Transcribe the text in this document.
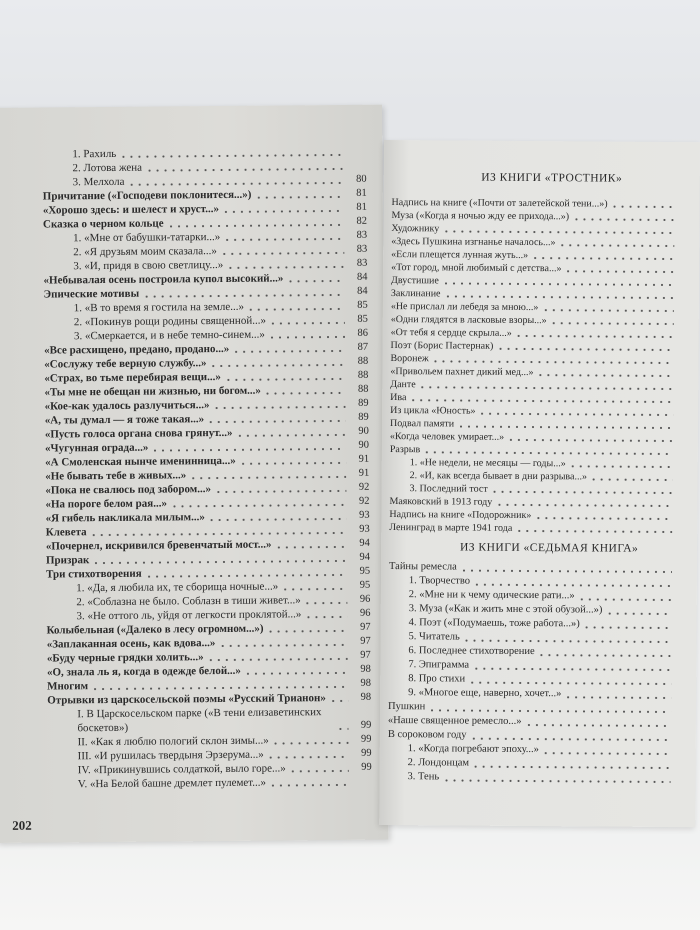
1. Рахиль
2. Лотова жена
3. Мелхола	80
Причитание («Господеви поклонитеся...»)	81
«Хорошо здесь: и шелест и хруст...»	81
Сказка о черном кольце	82
1. «Мне от бабушки-татарки...»	83
2. «Я друзьям моим сказала...»	83
3. «И, придя в свою светлицу...»	83
«Небывалая осень построила купол высокий...»	84
Эпические мотивы	84
1. «В то время я гостила на земле...»	85
2. «Покинув рощи родины священной...»	85
3. «Смеркается, и в небе темно-синем...»	86
«Все расхищено, предано, продано...»	87
«Сослужу тебе верную службу...»	88
«Страх, во тьме перебирая вещи...»	88
«Ты мне не обещан ни жизнью, ни богом...»	88
«Кое-как удалось разлучиться...»	89
«А, ты думал — я тоже такая...»	89
«Пусть голоса органа снова грянут...»	90
«Чугунная ограда...»	90
«А Смоленская нынче именинница...»	91
«Не бывать тебе в живых...»	91
«Пока не свалюсь под забором...»	92
«На пороге белом рая...»	92
«Я гибель накликала милым...»	93
Клевета	93
«Почернел, искривился бревенчатый мост...»	94
Призрак	94
Три стихотворения	95
1. «Да, я любила их, те сборища ночные...»	95
2. «Соблазна не было. Соблазн в тиши живет...»	96
3. «Не оттого ль, уйдя от легкости проклятой...»	96
Колыбельная («Далеко в лесу огромном...»)	97
«Заплаканная осень, как вдова...»	97
«Буду черные грядки холить...»	97
«О, знала ль я, когда в одежде белой...»	98
Многим	98
Отрывки из царскосельской поэмы «Русский Трианон»	98
I. В Царскосельском парке («В тени елизаветинских боскетов»)	99
II. «Как я люблю пологий склон зимы...»	99
III. «И рушилась твердыня Эрзерума...»	99
IV. «Прикинувшись солдаткой, выло горе...»	99
V. «На Белой башне дремлет пулемет...»
202
ИЗ КНИГИ «ТРОСТНИК»
Надпись на книге («Почти от залетейской тени...»)
Муза («Когда я ночью жду ее прихода...»)
Художнику
«Здесь Пушкина изгнанье началось...»
«Если плещется лунная жуть...»
«Тот город, мной любимый с детства...»
Двустишие
Заклинание
«Не прислал ли лебедя за мною...»
«Одни глядятся в ласковые взоры...»
«От тебя я сердце скрыла...»
Поэт (Борис Пастернак)
Воронеж
«Привольем пахнет дикий мед...»
Данте
Ива
Из цикла «Юность»
Подвал памяти
«Когда человек умирает...»
Разрыв
1. «Не недели, не месяцы — годы...»
2. «И, как всегда бывает в дни разрыва...»
3. Последний тост
Маяковский в 1913 году
Надпись на книге «Подорожник»
Ленинград в марте 1941 года
ИЗ КНИГИ «СЕДЬМАЯ КНИГА»
Тайны ремесла
1. Творчество
2. «Мне ни к чему одические рати...»
3. Муза («Как и жить мне с этой обузой...»)
4. Поэт («Подумаешь, тоже работа...»)
5. Читатель
6. Последнее стихотворение
7. Эпиграмма
8. Про стихи
9. «Многое еще, наверно, хочет...»
Пушкин
«Наше священное ремесло...»
В сороковом году
1. «Когда погребают эпоху...»
2. Лондонцам
3. Тень
